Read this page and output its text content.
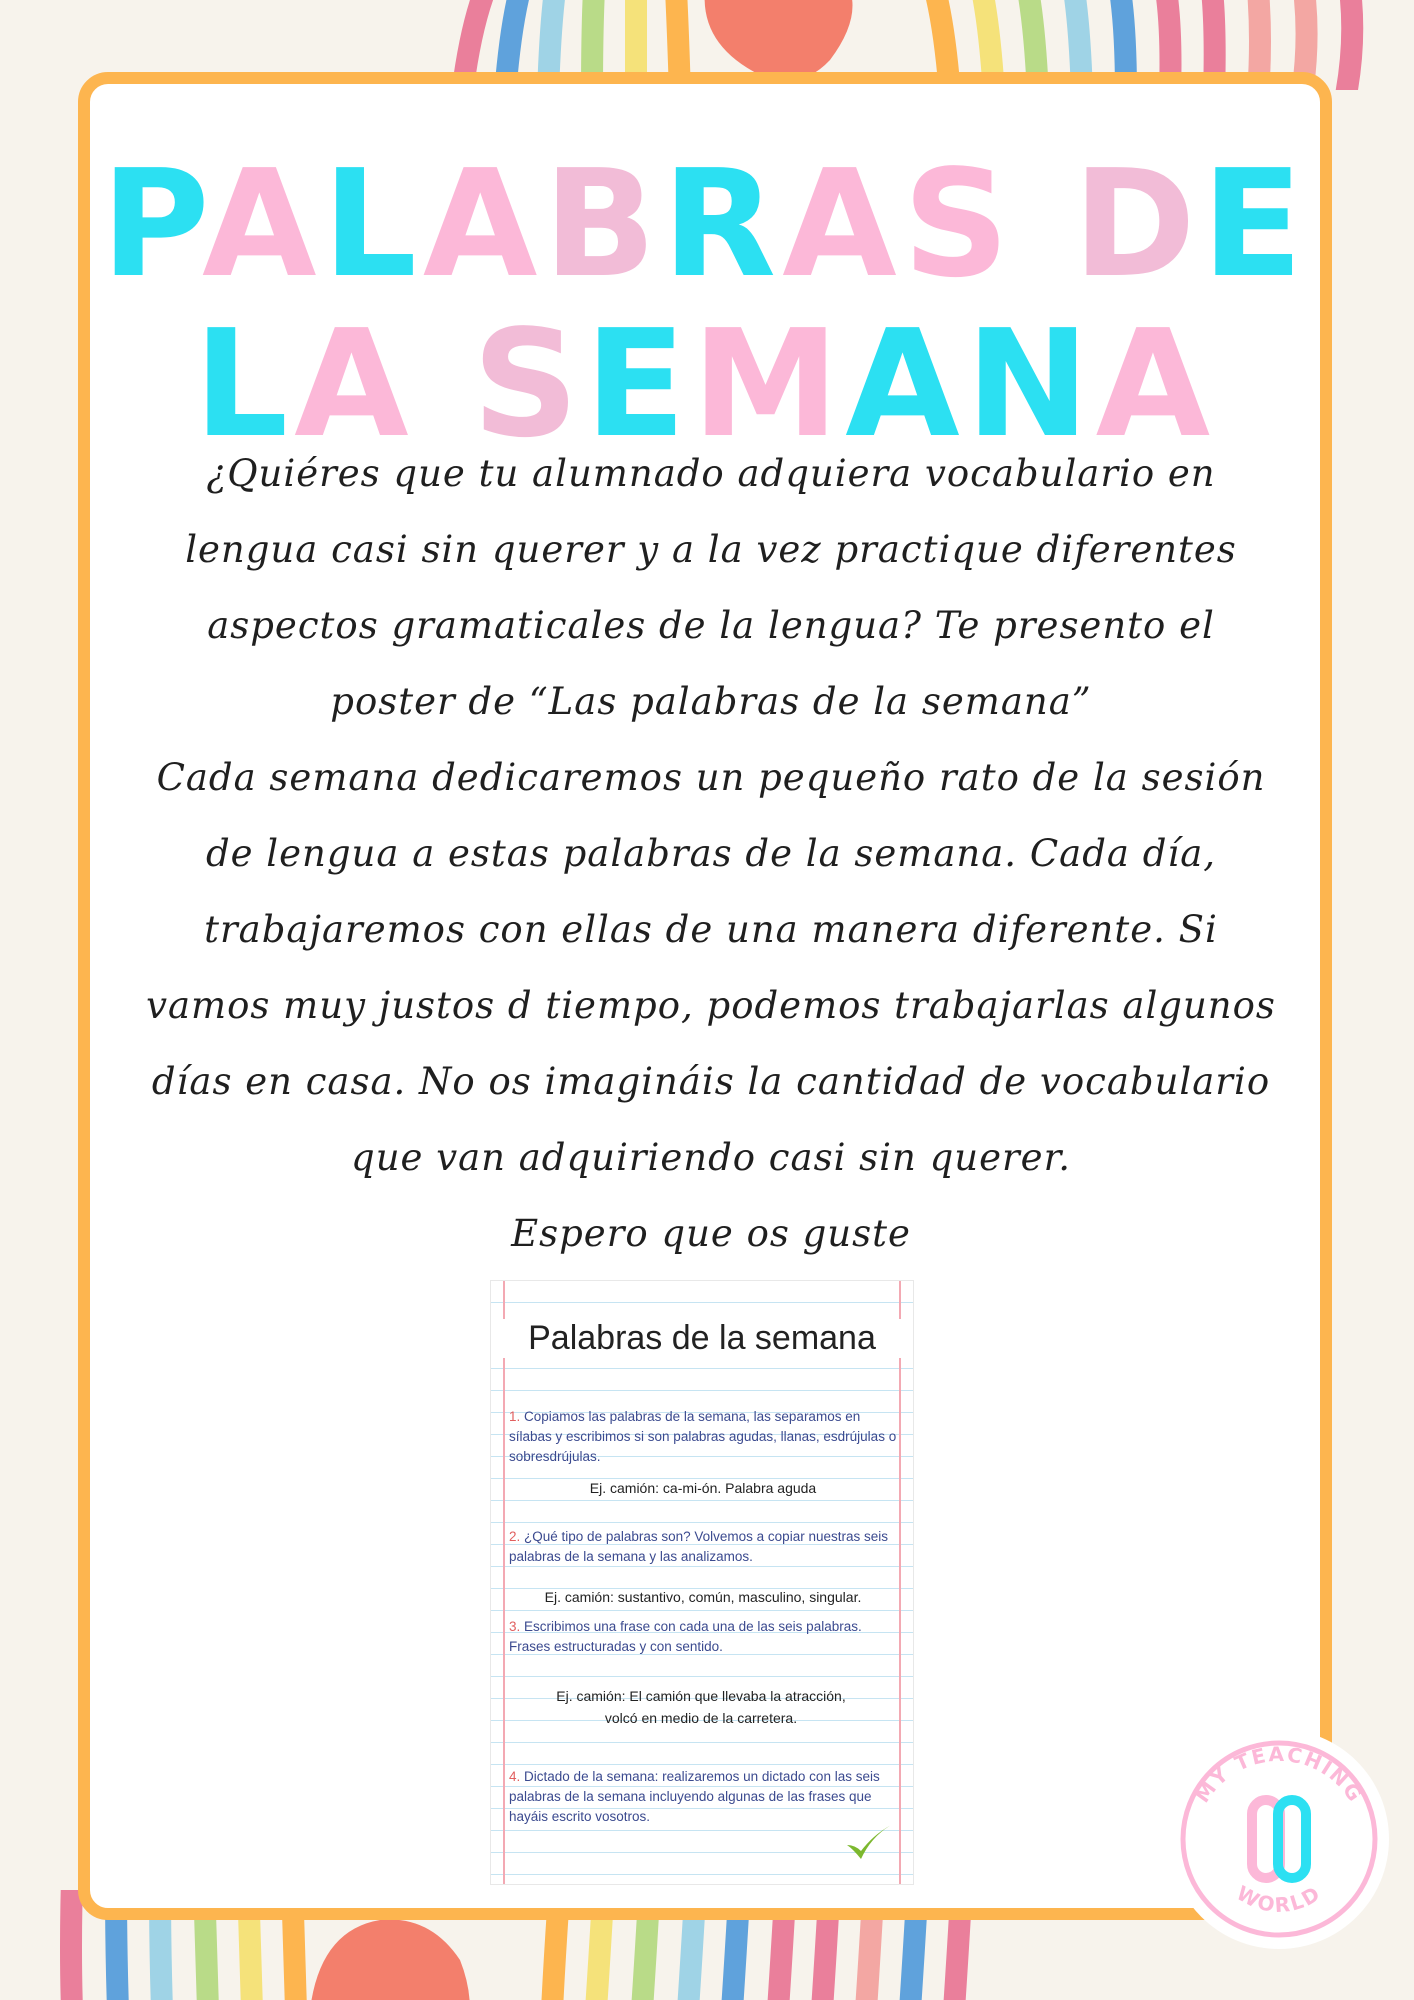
PALABRAS DE
LA SEMANA

¿Quiéres que tu alumnado adquiera vocabulario en lengua casi sin querer y a la vez practique diferentes aspectos gramaticales de la lengua? Te presento el poster de “Las palabras de la semana”

Cada semana dedicaremos un pequeño rato de la sesión de lengua a estas palabras de la semana. Cada día, trabajaremos con ellas de una manera diferente. Si vamos muy justos d tiempo, podemos trabajarlas algunos días en casa. No os imagináis la cantidad de vocabulario que van adquiriendo casi sin querer.

Espero que os guste

Palabras de la semana
1. Copiamos las palabras de la semana, las separamos en sílabas y escribimos si son palabras agudas, llanas, esdrújulas o sobresdrújulas.
Ej. camión: ca-mi-ón. Palabra aguda
2. ¿Qué tipo de palabras son? Volvemos a copiar nuestras seis palabras de la semana y las analizamos.
Ej. camión: sustantivo, común, masculino, singular.
3. Escribimos una frase con cada una de las seis palabras. Frases estructuradas y con sentido.
Ej. camión: El camión que llevaba la atracción, volcó en medio de la carretera.
4. Dictado de la semana: realizaremos un dictado con las seis palabras de la semana incluyendo algunas de las frases que hayáis escrito vosotros.
MY TEACHING
WORLD
